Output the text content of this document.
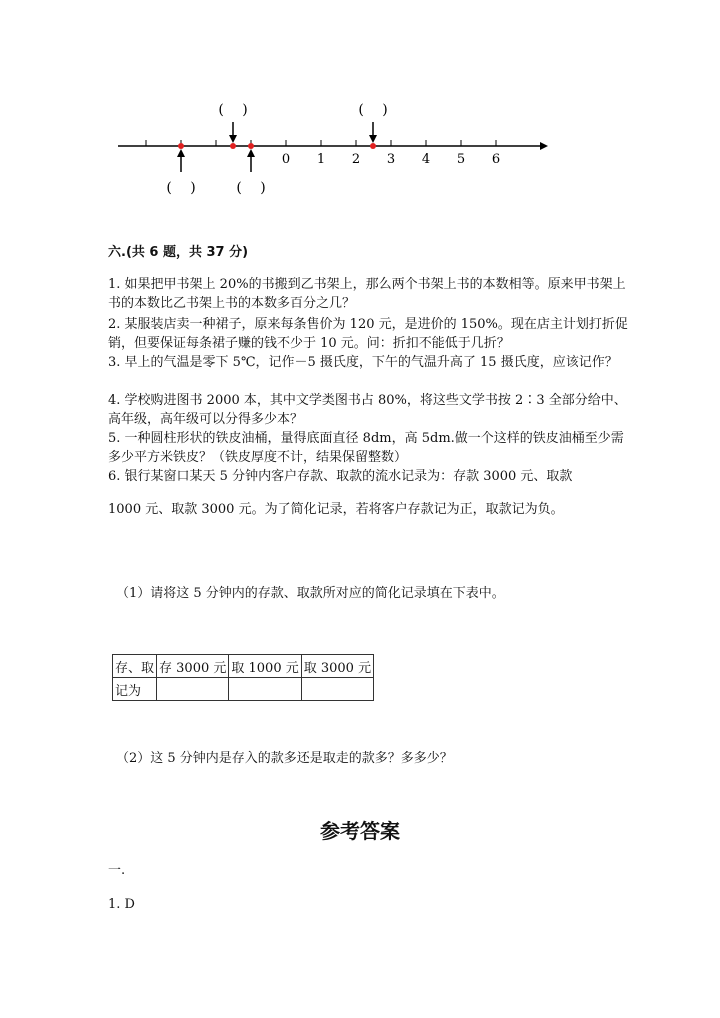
0 1 2 3 4 5 6
(　 )	(　 )
(　 )	(　 )
六.(共 6 题，共 37 分)

1. 如果把甲书架上 20%的书搬到乙书架上，那么两个书架上书的本数相等。原来甲书架上书的本数比乙书架上书的本数多百分之几？

2. 某服装店卖一种裙子，原来每条售价为 120 元，是进价的 150%。现在店主计划打折促销，但要保证每条裙子赚的钱不少于 10 元。问：折扣不能低于几折？

3. 早上的气温是零下 5℃，记作－5 摄氏度，下午的气温升高了 15 摄氏度，应该记作？

4. 学校购进图书 2000 本，其中文学类图书占 80%，将这些文学书按 2∶3 全部分给中、高年级，高年级可以分得多少本？

5. 一种圆柱形状的铁皮油桶，量得底面直径 8dm，高 5dm.做一个这样的铁皮油桶至少需多少平方米铁皮？（铁皮厚度不计，结果保留整数）

6. 银行某窗口某天 5 分钟内客户存款、取款的流水记录为：存款 3000 元、取款

1000 元、取款 3000 元。为了简化记录，若将客户存款记为正，取款记为负。

（1）请将这 5 分钟内的存款、取款所对应的简化记录填在下表中。
存、取	存 3000 元	取 1000 元	取 3000 元
记为			
（2）这 5 分钟内是存入的款多还是取走的款多？多多少？
参考答案
一.
1. D
